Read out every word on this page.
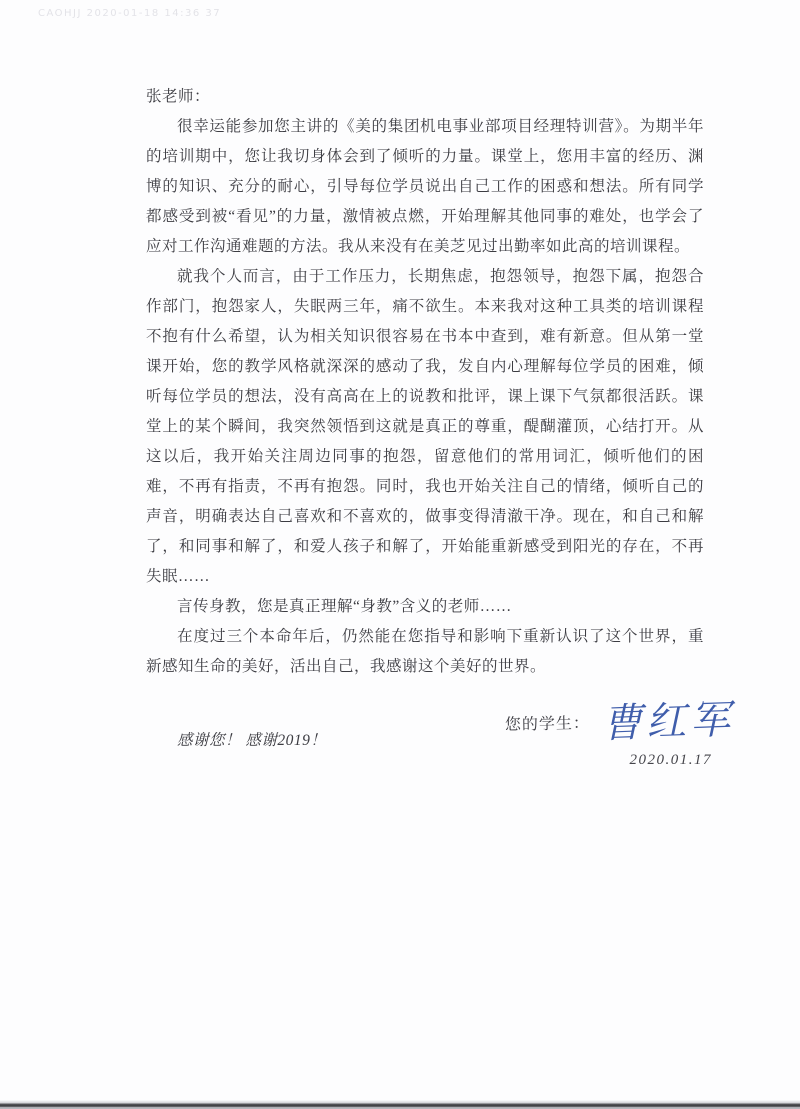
CAOHJJ 2020-01-18 14:36 37

张老师：

很幸运能参加您主讲的《美的集团机电事业部项目经理特训营》。为期半年的培训期中，您让我切身体会到了倾听的力量。课堂上，您用丰富的经历、渊博的知识、充分的耐心，引导每位学员说出自己工作的困惑和想法。所有同学都感受到被“看见”的力量，激情被点燃，开始理解其他同事的难处，也学会了应对工作沟通难题的方法。我从来没有在美芝见过出勤率如此高的培训课程。

就我个人而言，由于工作压力，长期焦虑，抱怨领导，抱怨下属，抱怨合作部门，抱怨家人，失眠两三年，痛不欲生。本来我对这种工具类的培训课程不抱有什么希望，认为相关知识很容易在书本中查到，难有新意。但从第一堂课开始，您的教学风格就深深的感动了我，发自内心理解每位学员的困难，倾听每位学员的想法，没有高高在上的说教和批评，课上课下气氛都很活跃。课堂上的某个瞬间，我突然领悟到这就是真正的尊重，醍醐灌顶，心结打开。从这以后，我开始关注周边同事的抱怨，留意他们的常用词汇，倾听他们的困难，不再有指责，不再有抱怨。同时，我也开始关注自己的情绪，倾听自己的声音，明确表达自己喜欢和不喜欢的，做事变得清澈干净。现在，和自己和解了，和同事和解了，和爱人孩子和解了，开始能重新感受到阳光的存在，不再失眠……

言传身教，您是真正理解“身教”含义的老师……

在度过三个本命年后，仍然能在您指导和影响下重新认识了这个世界，重新感知生命的美好，活出自己，我感谢这个美好的世界。

感谢您！ 感谢2019！

您的学生： 曹红军
2020.01.17
